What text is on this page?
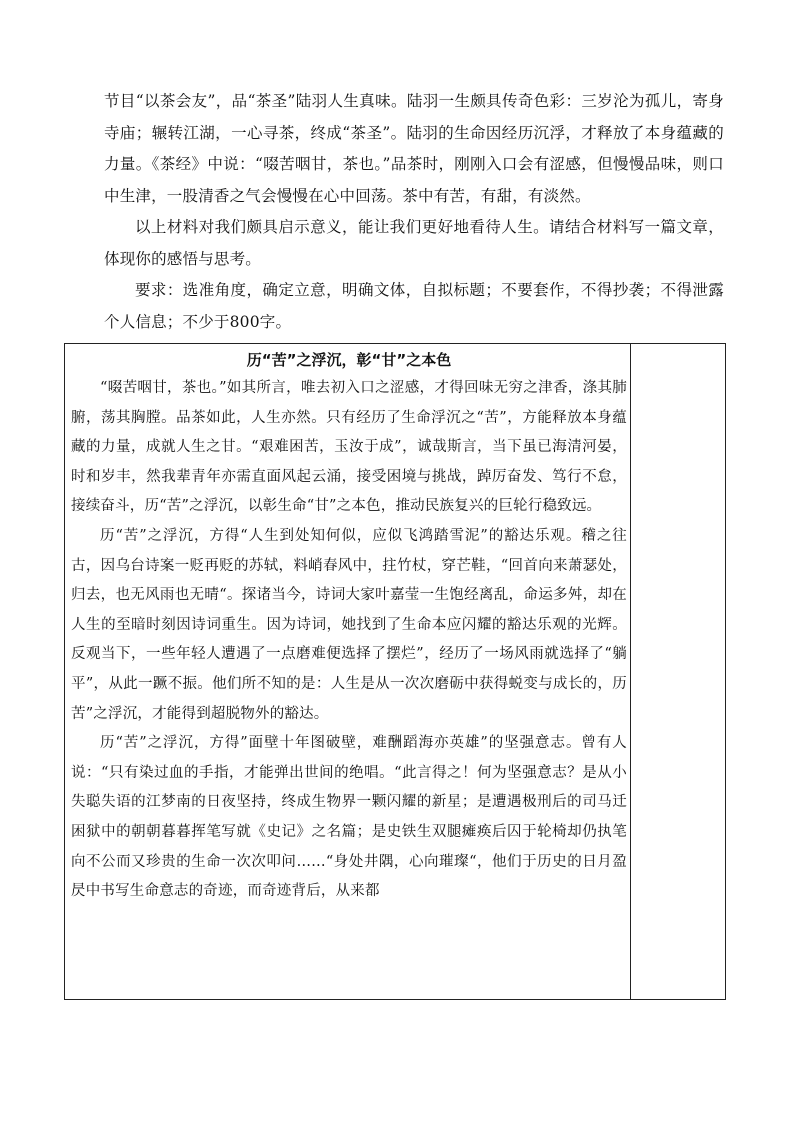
节目“以茶会友”，品“茶圣”陆羽人生真味。陆羽一生颇具传奇色彩：三岁沦为孤儿，寄身寺庙；辗转江湖，一心寻茶，终成“茶圣”。陆羽的生命因经历沉浮，才释放了本身蕴藏的力量。《茶经》中说：“啜苦咽甘，茶也。”品茶时，刚刚入口会有涩感，但慢慢品味，则口中生津，一股清香之气会慢慢在心中回荡。茶中有苦，有甜，有淡然。

以上材料对我们颇具启示意义，能让我们更好地看待人生。请结合材料写一篇文章，体现你的感悟与思考。

要求：选准角度，确定立意，明确文体，自拟标题；不要套作，不得抄袭；不得泄露个人信息；不少于800字。

历“苦”之浮沉，彰“甘”之本色

“啜苦咽甘，茶也。”如其所言，唯去初入口之涩感，才得回味无穷之津香，涤其肺腑，荡其胸膛。品茶如此，人生亦然。只有经历了生命浮沉之“苦”，方能释放本身蕴藏的力量，成就人生之甘。“艰难困苦，玉汝于成”，诚哉斯言，当下虽已海清河晏，时和岁丰，然我辈青年亦需直面风起云涌，接受困境与挑战，踔厉奋发、笃行不怠，接续奋斗，历“苦”之浮沉，以彰生命“甘”之本色，推动民族复兴的巨轮行稳致远。

历“苦”之浮沉，方得“人生到处知何似，应似飞鸿踏雪泥”的豁达乐观。稽之往古，因乌台诗案一贬再贬的苏轼，料峭春风中，拄竹杖，穿芒鞋，“回首向来萧瑟处，归去，也无风雨也无晴“。探诸当今，诗词大家叶嘉莹一生饱经离乱，命运多舛，却在人生的至暗时刻因诗词重生。因为诗词，她找到了生命本应闪耀的豁达乐观的光辉。反观当下，一些年轻人遭遇了一点磨难便选择了摆烂”，经历了一场风雨就选择了“躺平”，从此一蹶不振。他们所不知的是：人生是从一次次磨砺中获得蜕变与成长的，历苦”之浮沉，才能得到超脱物外的豁达。

历“苦”之浮沉，方得”面壁十年图破壁，难酬蹈海亦英雄”的坚强意志。曾有人说：“只有染过血的手指，才能弹出世间的绝唱。“此言得之！何为坚强意志？是从小失聪失语的江梦南的日夜坚持，终成生物界一颗闪耀的新星；是遭遇极刑后的司马迁困狱中的朝朝暮暮挥笔写就《史记》之名篇；是史铁生双腿瘫痪后囚于轮椅却仍执笔向不公而又珍贵的生命一次次叩问……“身处井隅，心向璀璨“，他们于历史的日月盈昃中书写生命意志的奇迹，而奇迹背后，从来都
